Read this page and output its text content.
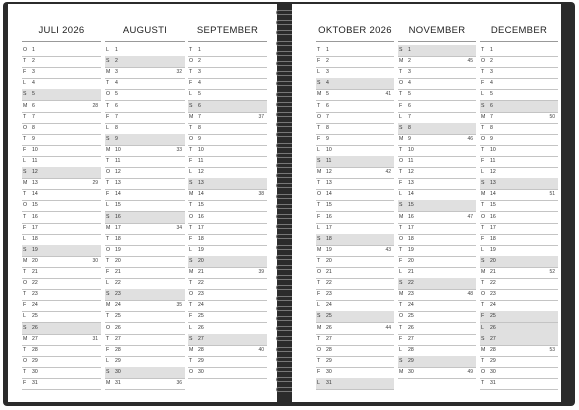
JULI 2026
O 1
T 2
F 3
L 4
S 5
M 6	28
T 7
O 8
T 9
F 10
L 11
S 12
M 13	29
T 14
O 15
T 16
F 17
L 18
S 19
M 20	30
T 21
O 22
T 23
F 24
L 25
S 26
M 27	31
T 28
O 29
T 30
F 31
AUGUSTI
L 1
S 2
M 3	32
T 4
O 5
T 6
F 7
L 8
S 9
M 10	33
T 11
O 12
T 13
F 14
L 15
S 16
M 17	34
T 18
O 19
T 20
F 21
L 22
S 23
M 24	35
T 25
O 26
T 27
F 28
L 29
S 30
M 31	36
SEPTEMBER
T 1
O 2
T 3
F 4
L 5
S 6
M 7	37
T 8
O 9
T 10
F 11
L 12
S 13
M 14	38
T 15
O 16
T 17
F 18
L 19
S 20
M 21	39
T 22
O 23
T 24
F 25
L 26
S 27
M 28	40
T 29
O 30
OKTOBER 2026
T 1
F 2
L 3
S 4
M 5	41
T 6
O 7
T 8
F 9
L 10
S 11
M 12	42
T 13
O 14
T 15
F 16
L 17
S 18
M 19	43
T 20
O 21
T 22
F 23
L 24
S 25
M 26	44
T 27
O 28
T 29
F 30
L 31
NOVEMBER
S 1
M 2	45
T 3
O 4
T 5
F 6
L 7
S 8
M 9	46
T 10
O 11
T 12
F 13
L 14
S 15
M 16	47
T 17
O 18
T 19
F 20
L 21
S 22
M 23	48
T 24
O 25
T 26
F 27
L 28
S 29
M 30	49
DECEMBER
T 1
O 2
T 3
F 4
L 5
S 6
M 7	50
T 8
O 9
T 10
F 11
L 12
S 13
M 14	51
T 15
O 16
T 17
F 18
L 19
S 20
M 21	52
T 22
O 23
T 24
F 25
L 26
S 27
M 28	53
T 29
O 30
T 31
